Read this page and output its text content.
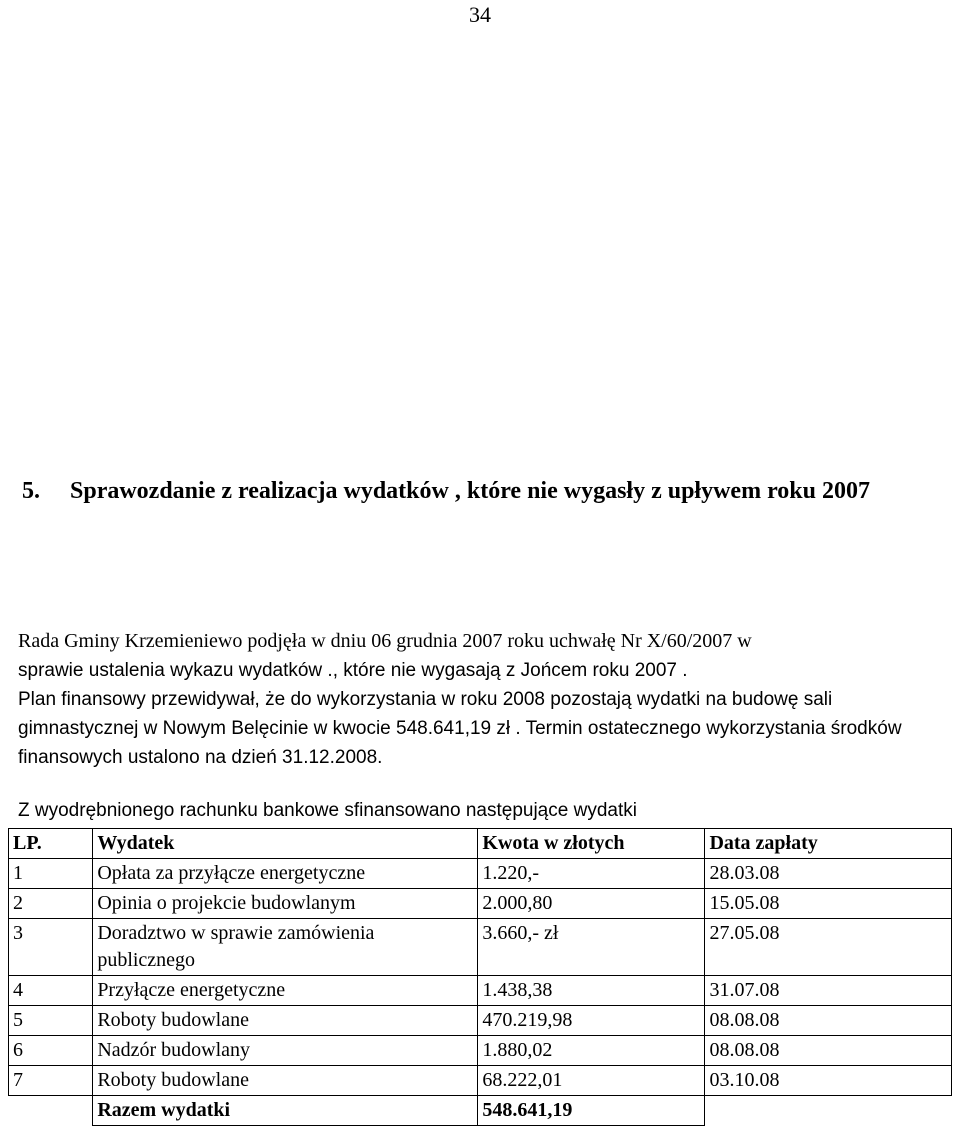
34
5. Sprawozdanie z realizacja wydatków , które nie wygasły z upływem roku 2007
Rada Gminy Krzemieniewo podjęła w dniu 06 grudnia 2007 roku uchwałę Nr X/60/2007 w
sprawie ustalenia wykazu wydatków ., które nie wygasają z Jońcem roku 2007 .
Plan finansowy przewidywał, że do wykorzystania w roku 2008 pozostają wydatki na budowę sali gimnastycznej w Nowym Belęcinie w kwocie 548.641,19 zł . Termin ostatecznego wykorzystania środków finansowych ustalono na dzień 31.12.2008.
Z wyodrębnionego rachunku bankowe sfinansowano następujące wydatki
LP.	Wydatek	Kwota w złotych	Data zapłaty
1	Opłata za przyłącze energetyczne	1.220,-	28.03.08
2	Opinia o projekcie budowlanym	2.000,80	15.05.08
3	Doradztwo w sprawie zamówienia publicznego	3.660,- zł	27.05.08
4	Przyłącze energetyczne	1.438,38	31.07.08
5	Roboty budowlane	470.219,98	08.08.08
6	Nadzór budowlany	1.880,02	08.08.08
7	Roboty budowlane	68.222,01	03.10.08
	Razem wydatki	548.641,19	
